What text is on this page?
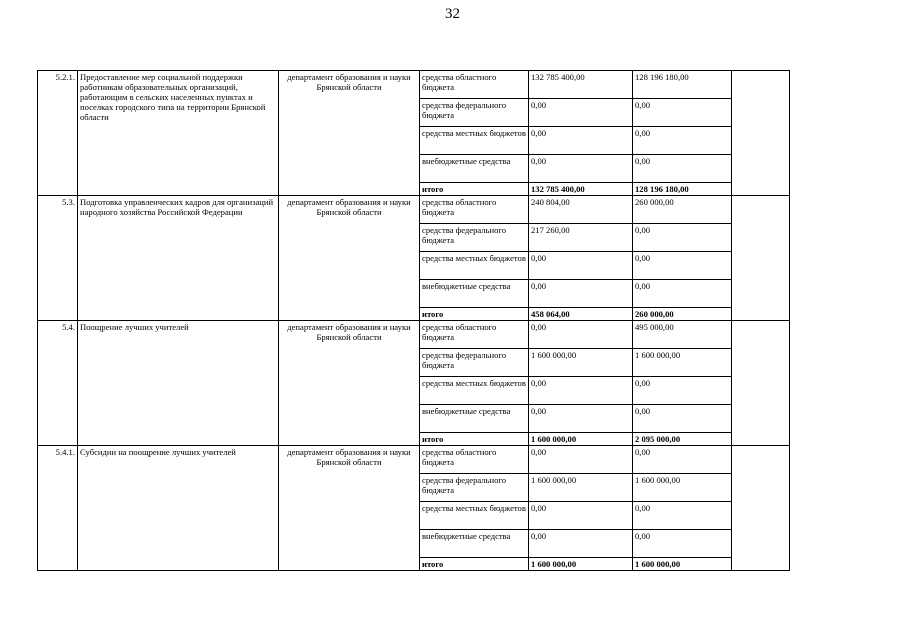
32
5.2.1.	Предоставление мер социальной поддержки работникам образовательных организаций, работающим в сельских населенных пунктах и поселках городского типа на территории Брянской области	департамент образования и науки Брянской области	средства областного бюджета	132 785 400,00	128 196 180,00	
			средства федерального бюджета	0,00	0,00	
			средства местных бюджетов	0,00	0,00	
			внебюджетные средства	0,00	0,00	
			итого	132 785 400,00	128 196 180,00	
5.3.	Подготовка управленческих кадров для организаций народного хозяйства Российской Федерации	департамент образования и науки Брянской области	средства областного бюджета	240 804,00	260 000,00	
			средства федерального бюджета	217 260,00	0,00	
			средства местных бюджетов	0,00	0,00	
			внебюджетные средства	0,00	0,00	
			итого	458 064,00	260 000,00	
5.4.	Поощрение лучших учителей	департамент образования и науки Брянской области	средства областного бюджета	0,00	495 000,00	
			средства федерального бюджета	1 600 000,00	1 600 000,00	
			средства местных бюджетов	0,00	0,00	
			внебюджетные средства	0,00	0,00	
			итого	1 600 000,00	2 095 000,00	
5.4.1.	Субсидии на поощрение лучших учителей	департамент образования и науки Брянской области	средства областного бюджета	0,00	0,00	
			средства федерального бюджета	1 600 000,00	1 600 000,00	
			средства местных бюджетов	0,00	0,00	
			внебюджетные средства	0,00	0,00	
			итого	1 600 000,00	1 600 000,00	
